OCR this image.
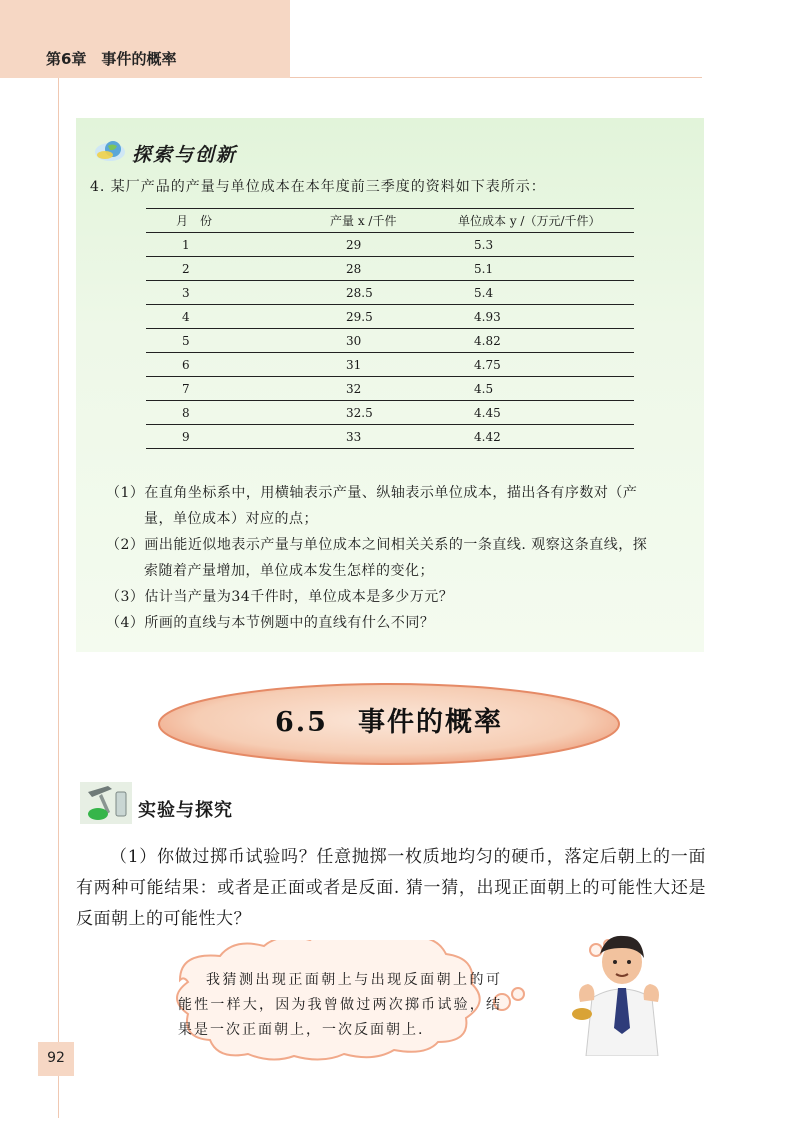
第6章　事件的概率
探索与创新
4. 某厂产品的产量与单位成本在本年度前三季度的资料如下表所示：
月　份	产量 x /千件	单位成本 y /（万元/千件）
1	29	5.3
2	28	5.1
3	28.5	5.4
4	29.5	4.93
5	30	4.82
6	31	4.75
7	32	4.5
8	32.5	4.45
9	33	4.42
（1）在直角坐标系中，用横轴表示产量、纵轴表示单位成本，描出各有序数对（产
量，单位成本）对应的点；
（2）画出能近似地表示产量与单位成本之间相关关系的一条直线. 观察这条直线，探
索随着产量增加，单位成本发生怎样的变化；
（3）估计当产量为34千件时，单位成本是多少万元？
（4）所画的直线与本节例题中的直线有什么不同？
6.5 事件的概率
实验与探究
（1）你做过掷币试验吗？任意抛掷一枚质地均匀的硬币，落定后朝上的一面有两种可能结果：或者是正面或者是反面. 猜一猜，出现正面朝上的可能性大还是反面朝上的可能性大？
我猜测出现正面朝上与出现反面朝上的可能性一样大，因为我曾做过两次掷币试验，结果是一次正面朝上，一次反面朝上.
92
